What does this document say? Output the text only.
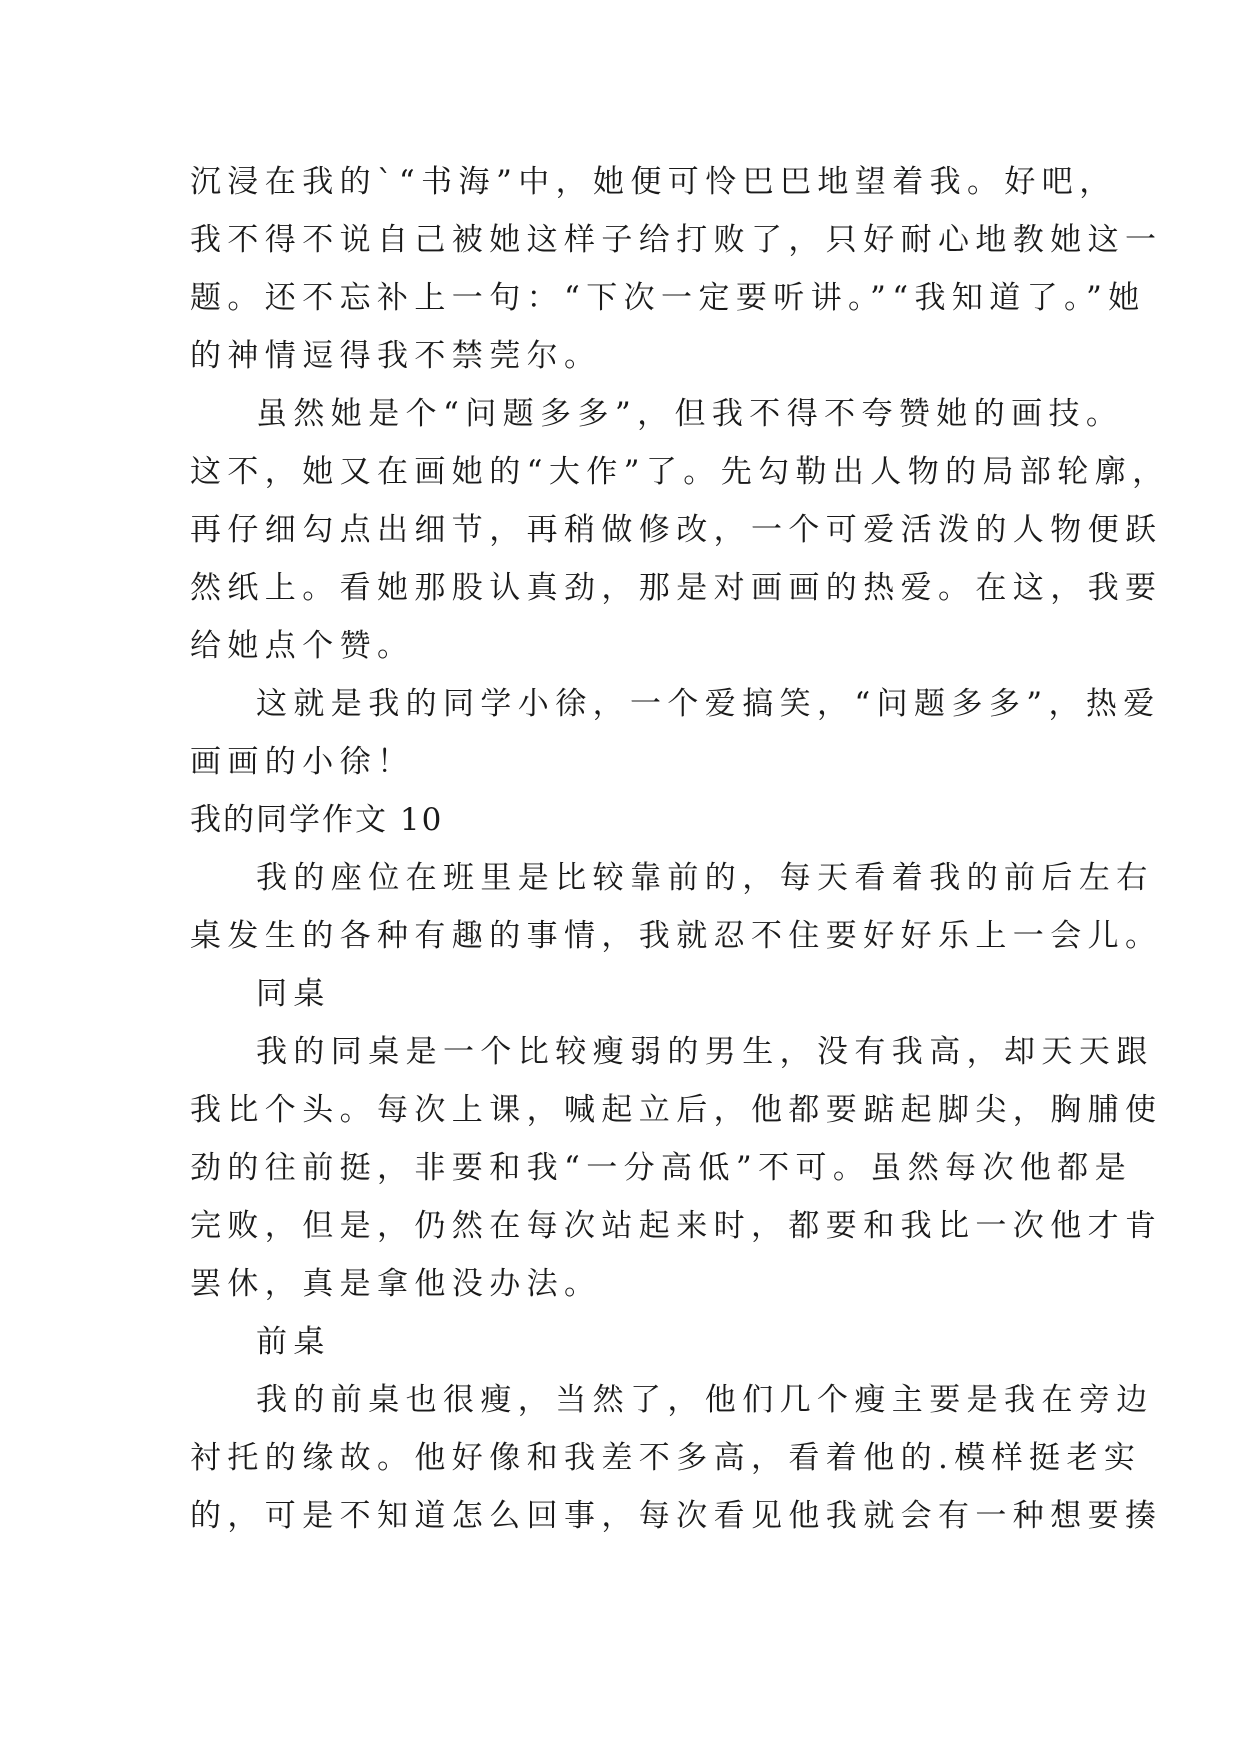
沉浸在我的`“书海”中，她便可怜巴巴地望着我。好吧，
我不得不说自己被她这样子给打败了，只好耐心地教她这一
题。还不忘补上一句：“下次一定要听讲。”“我知道了。”她
的神情逗得我不禁莞尔。
虽然她是个“问题多多”，但我不得不夸赞她的画技。
这不，她又在画她的“大作”了。先勾勒出人物的局部轮廓，
再仔细勾点出细节，再稍做修改，一个可爱活泼的人物便跃
然纸上。看她那股认真劲，那是对画画的热爱。在这，我要
给她点个赞。
这就是我的同学小徐，一个爱搞笑，“问题多多”，热爱
画画的小徐！
我的同学作文 10
我的座位在班里是比较靠前的，每天看着我的前后左右
桌发生的各种有趣的事情，我就忍不住要好好乐上一会儿。
同桌
我的同桌是一个比较瘦弱的男生，没有我高，却天天跟
我比个头。每次上课，喊起立后，他都要踮起脚尖，胸脯使
劲的往前挺，非要和我“一分高低”不可。虽然每次他都是
完败，但是，仍然在每次站起来时，都要和我比一次他才肯
罢休，真是拿他没办法。
前桌
我的前桌也很瘦，当然了，他们几个瘦主要是我在旁边
衬托的缘故。他好像和我差不多高，看着他的.模样挺老实
的，可是不知道怎么回事，每次看见他我就会有一种想要揍
